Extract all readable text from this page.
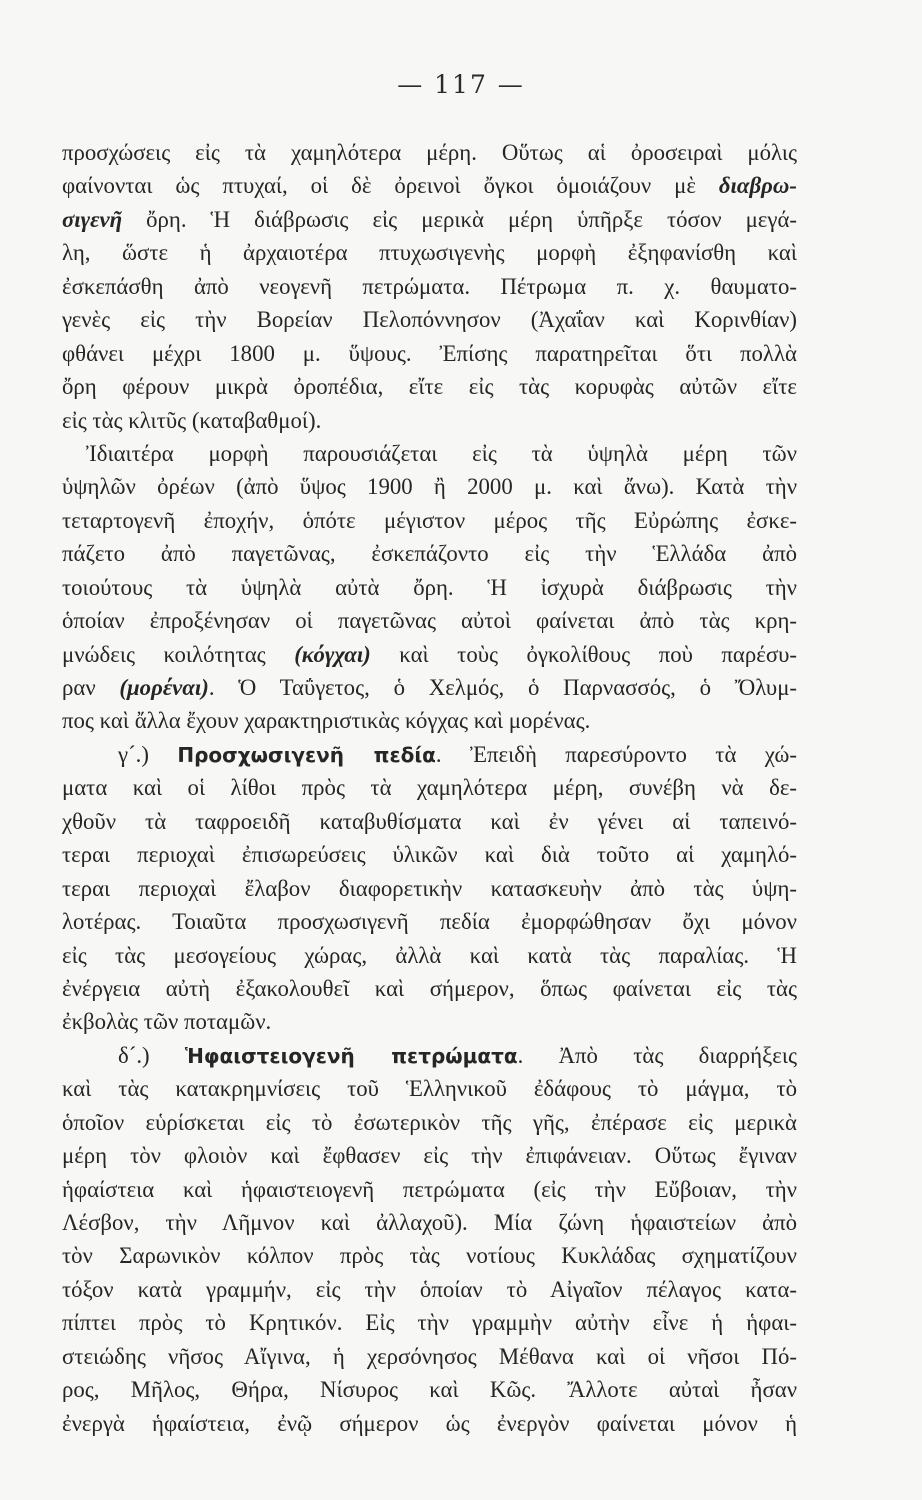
— 117 —
προσχώσεις εἰς τὰ χαμηλότερα μέρη. Οὕτως αἱ ὀροσειραὶ μόλις
φαίνονται ὡς πτυχαί, οἱ δὲ ὀρεινοὶ ὄγκοι ὁμοιάζουν μὲ διαβρω-
σιγενῆ ὄρη. Ἡ διάβρωσις εἰς μερικὰ μέρη ὑπῆρξε τόσον μεγά-
λη, ὥστε ἡ ἀρχαιοτέρα πτυχωσιγενὴς μορφὴ ἐξηφανίσθη καὶ
ἐσκεπάσθη ἀπὸ νεογενῆ πετρώματα. Πέτρωμα π. χ. θαυματο-
γενὲς εἰς τὴν Βορείαν Πελοπόννησον (Ἀχαΐαν καὶ Κορινθίαν)
φθάνει μέχρι 1800 μ. ὕψους. Ἐπίσης παρατηρεῖται ὅτι πολλὰ
ὄρη φέρουν μικρὰ ὀροπέδια, εἴτε εἰς τὰς κορυφὰς αὐτῶν εἴτε
εἰς τὰς κλιτῦς (καταβαθμοί).
Ἰδιαιτέρα μορφὴ παρουσιάζεται εἰς τὰ ὑψηλὰ μέρη τῶν
ὑψηλῶν ὀρέων (ἀπὸ ὕψος 1900 ἢ 2000 μ. καὶ ἄνω). Κατὰ τὴν
τεταρτογενῆ ἐποχήν, ὁπότε μέγιστον μέρος τῆς Εὐρώπης ἐσκε-
πάζετο ἀπὸ παγετῶνας, ἐσκεπάζοντο εἰς τὴν Ἑλλάδα ἀπὸ
τοιούτους τὰ ὑψηλὰ αὐτὰ ὄρη. Ἡ ἰσχυρὰ διάβρωσις τὴν
ὁποίαν ἐπροξένησαν οἱ παγετῶνας αὐτοὶ φαίνεται ἀπὸ τὰς κρη-
μνώδεις κοιλότητας (κόγχαι) καὶ τοὺς ὀγκολίθους ποὺ παρέσυ-
ραν (μορέναι). Ὁ Ταΰγετος, ὁ Χελμός, ὁ Παρνασσός, ὁ Ὄλυμ-
πος καὶ ἄλλα ἔχουν χαρακτηριστικὰς κόγχας καὶ μορένας.
γ´.) Προσχωσιγενῆ πεδία. Ἐπειδὴ παρεσύροντο τὰ χώ-
ματα καὶ οἱ λίθοι πρὸς τὰ χαμηλότερα μέρη, συνέβη νὰ δε-
χθοῦν τὰ ταφροειδῆ καταβυθίσματα καὶ ἐν γένει αἱ ταπεινό-
τεραι περιοχαὶ ἐπισωρεύσεις ὑλικῶν καὶ διὰ τοῦτο αἱ χαμηλό-
τεραι περιοχαὶ ἔλαβον διαφορετικὴν κατασκευὴν ἀπὸ τὰς ὑψη-
λοτέρας. Τοιαῦτα προσχωσιγενῆ πεδία ἐμορφώθησαν ὄχι μόνον
εἰς τὰς μεσογείους χώρας, ἀλλὰ καὶ κατὰ τὰς παραλίας. Ἡ
ἐνέργεια αὐτὴ ἐξακολουθεῖ καὶ σήμερον, ὅπως φαίνεται εἰς τὰς
ἐκβολὰς τῶν ποταμῶν.
δ´.) Ἡφαιστειογενῆ πετρώματα. Ἀπὸ τὰς διαρρήξεις
καὶ τὰς κατακρημνίσεις τοῦ Ἑλληνικοῦ ἐδάφους τὸ μάγμα, τὸ
ὁποῖον εὑρίσκεται εἰς τὸ ἐσωτερικὸν τῆς γῆς, ἐπέρασε εἰς μερικὰ
μέρη τὸν φλοιὸν καὶ ἔφθασεν εἰς τὴν ἐπιφάνειαν. Οὕτως ἔγιναν
ἡφαίστεια καὶ ἡφαιστειογενῆ πετρώματα (εἰς τὴν Εὔβοιαν, τὴν
Λέσβον, τὴν Λῆμνον καὶ ἀλλαχοῦ). Μία ζώνη ἡφαιστείων ἀπὸ
τὸν Σαρωνικὸν κόλπον πρὸς τὰς νοτίους Κυκλάδας σχηματίζουν
τόξον κατὰ γραμμήν, εἰς τὴν ὁποίαν τὸ Αἰγαῖον πέλαγος κατα-
πίπτει πρὸς τὸ Κρητικόν. Εἰς τὴν γραμμὴν αὐτὴν εἶνε ἡ ἡφαι-
στειώδης νῆσος Αἴγινα, ἡ χερσόνησος Μέθανα καὶ οἱ νῆσοι Πό-
ρος, Μῆλος, Θήρα, Νίσυρος καὶ Κῶς. Ἄλλοτε αὐταὶ ἦσαν
ἐνεργὰ ἡφαίστεια, ἐνῷ σήμερον ὡς ἐνεργὸν φαίνεται μόνον ἡ
